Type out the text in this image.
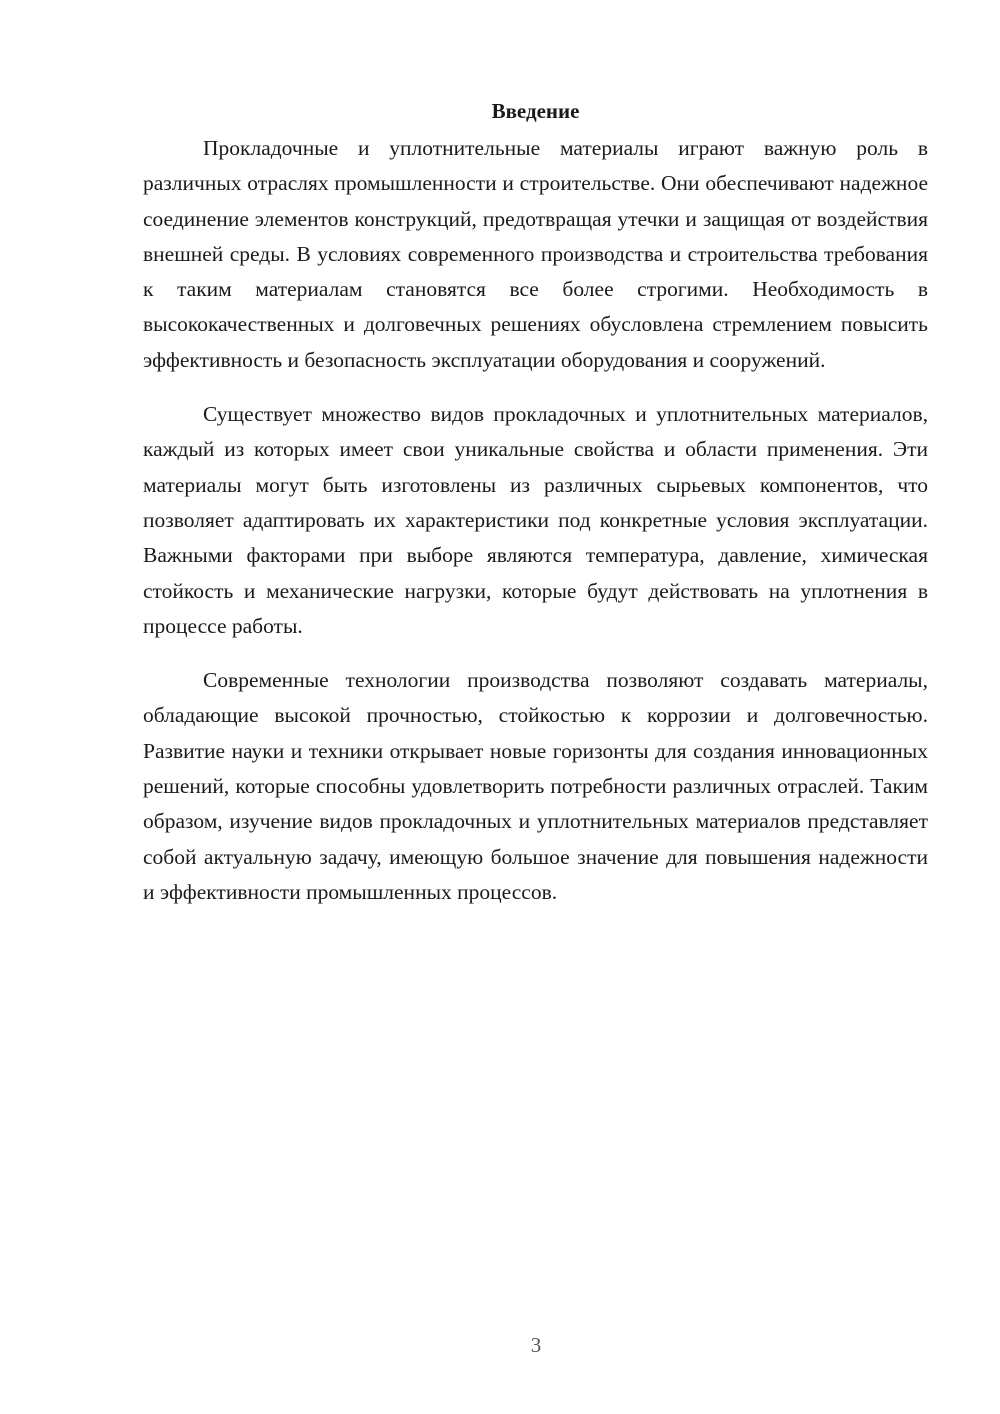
Введение

Прокладочные и уплотнительные материалы играют важную роль в различных отраслях промышленности и строительстве. Они обеспечивают надежное соединение элементов конструкций, предотвращая утечки и защищая от воздействия внешней среды. В условиях современного производства и строительства требования к таким материалам становятся все более строгими. Необходимость в высококачественных и долговечных решениях обусловлена стремлением повысить эффективность и безопасность эксплуатации оборудования и сооружений.

Существует множество видов прокладочных и уплотнительных материалов, каждый из которых имеет свои уникальные свойства и области применения. Эти материалы могут быть изготовлены из различных сырьевых компонентов, что позволяет адаптировать их характеристики под конкретные условия эксплуатации. Важными факторами при выборе являются температура, давление, химическая стойкость и механические нагрузки, которые будут действовать на уплотнения в процессе работы.

Современные технологии производства позволяют создавать материалы, обладающие высокой прочностью, стойкостью к коррозии и долговечностью. Развитие науки и техники открывает новые горизонты для создания инновационных решений, которые способны удовлетворить потребности различных отраслей. Таким образом, изучение видов прокладочных и уплотнительных материалов представляет собой актуальную задачу, имеющую большое значение для повышения надежности и эффективности промышленных процессов.

3
